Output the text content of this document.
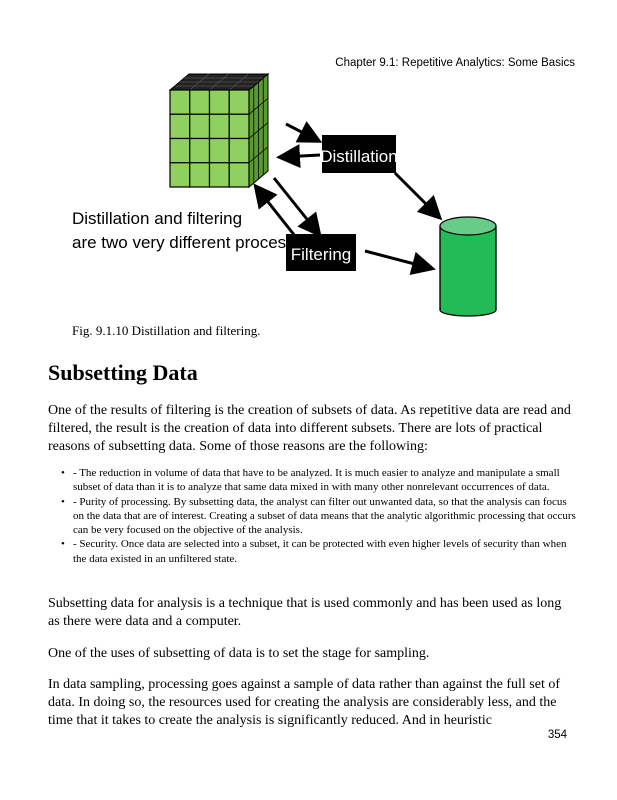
Chapter 9.1: Repetitive Analytics: Some Basics
Distillation
Filtering
Distillation and filtering
are two very different processes
Fig. 9.1.10 Distillation and filtering.
Subsetting Data

One of the results of filtering is the creation of subsets of data. As repetitive data are read and filtered, the result is the creation of data into different subsets. There are lots of practical reasons of subsetting data. Some of those reasons are the following:

• - The reduction in volume of data that have to be analyzed. It is much easier to analyze and manipulate a small subset of data than it is to analyze that same data mixed in with many other nonrelevant occurrences of data.
• - Purity of processing. By subsetting data, the analyst can filter out unwanted data, so that the analysis can focus on the data that are of interest. Creating a subset of data means that the analytic algorithmic processing that occurs can be very focused on the objective of the analysis.
• - Security. Once data are selected into a subset, it can be protected with even higher levels of security than when the data existed in an unfiltered state.

Subsetting data for analysis is a technique that is used commonly and has been used as long as there were data and a computer.

One of the uses of subsetting of data is to set the stage for sampling.

In data sampling, processing goes against a sample of data rather than against the full set of data. In doing so, the resources used for creating the analysis are considerably less, and the time that it takes to create the analysis is significantly reduced. And in heuristic

354
